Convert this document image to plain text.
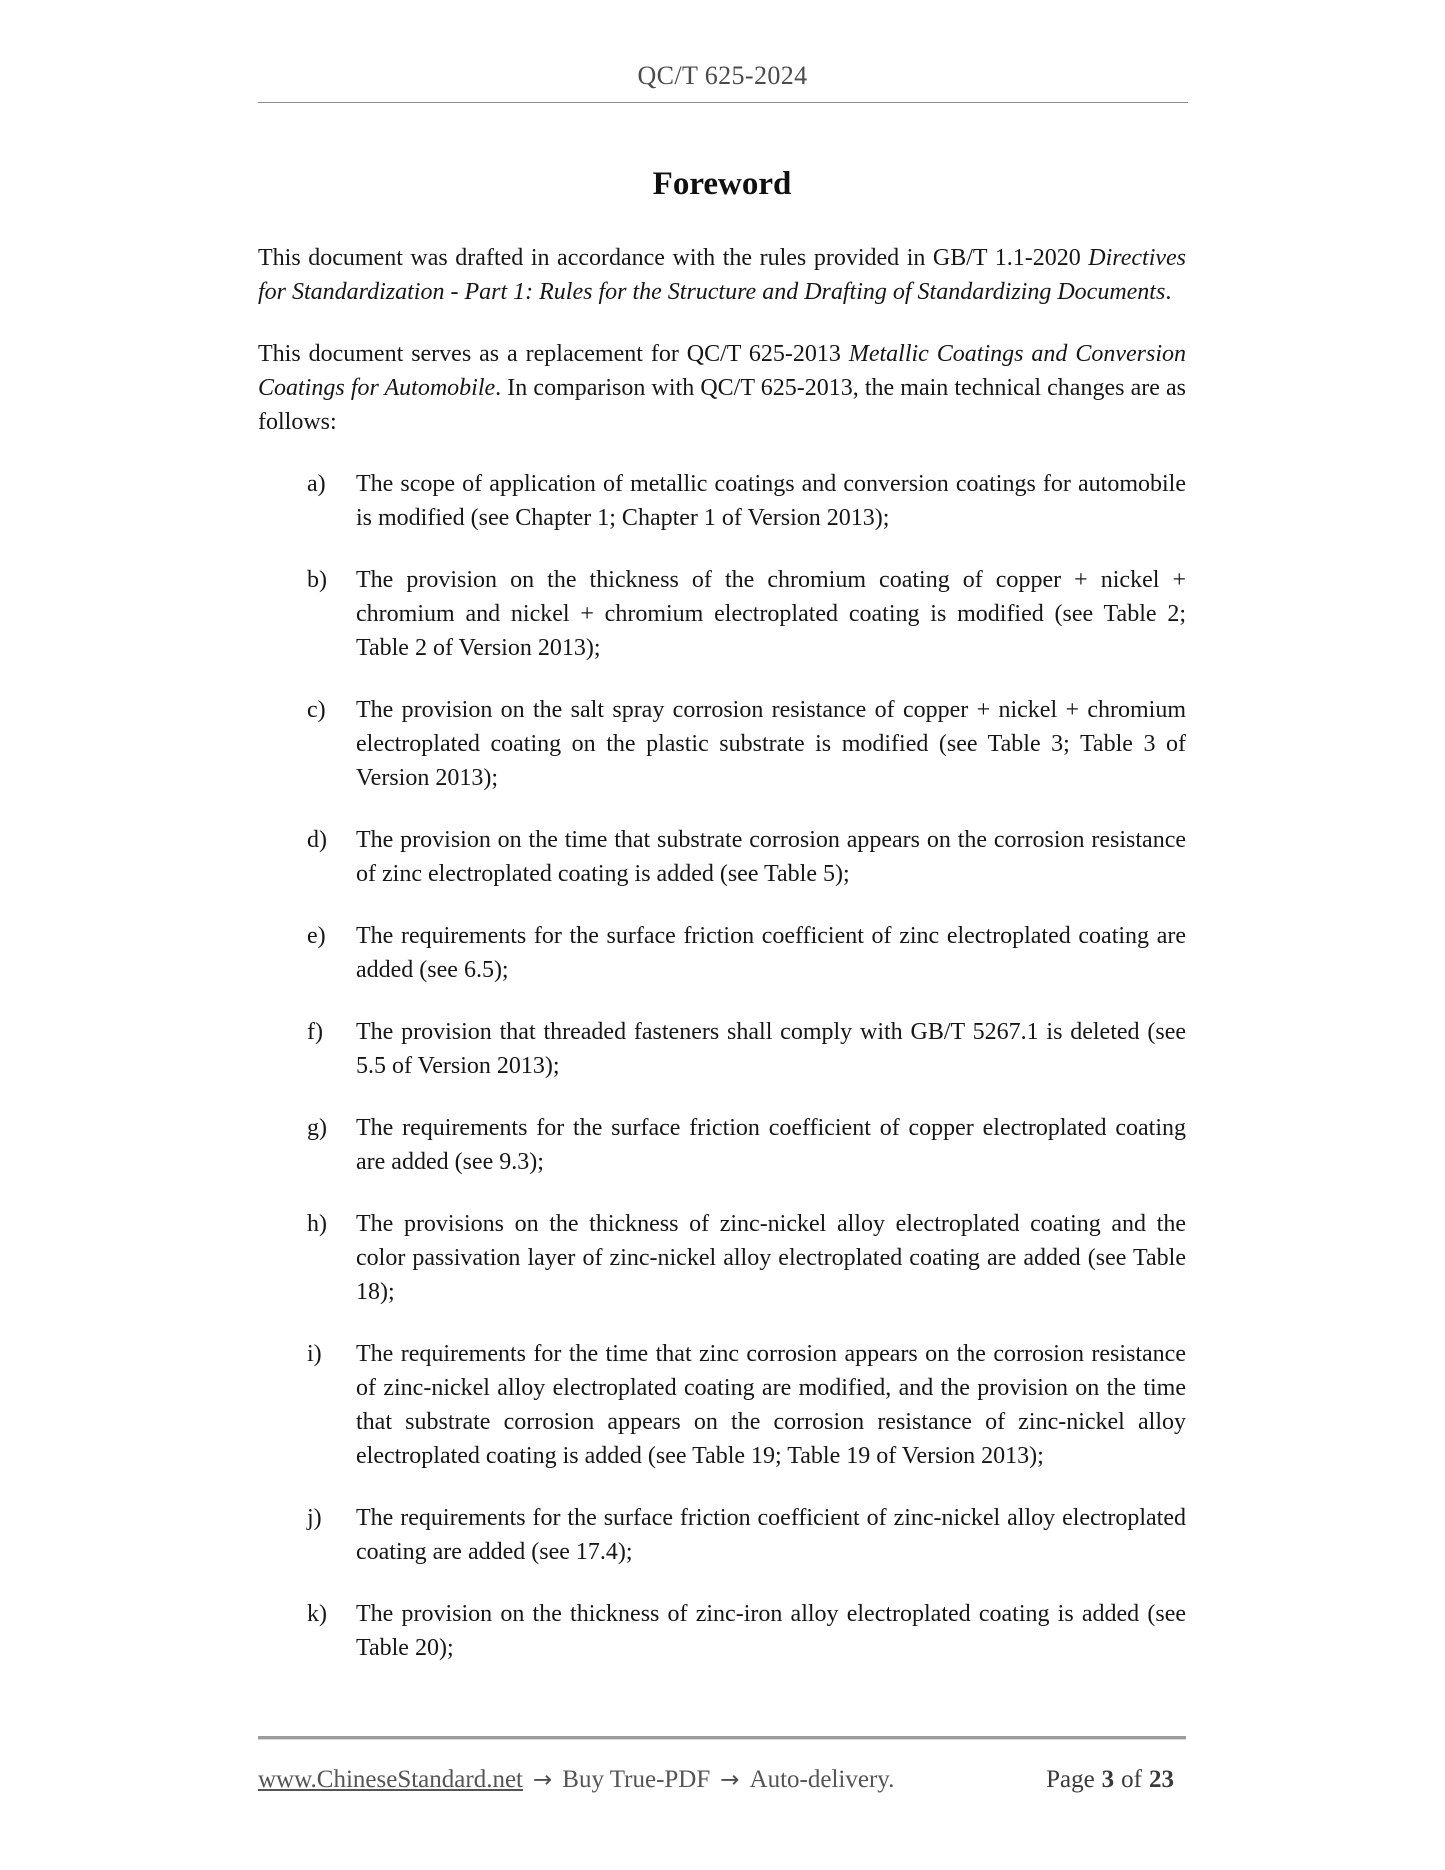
QC/T 625-2024
Foreword
This document was drafted in accordance with the rules provided in GB/T 1.1-2020 Directives for Standardization - Part 1: Rules for the Structure and Drafting of Standardizing Documents.
This document serves as a replacement for QC/T 625-2013 Metallic Coatings and Conversion Coatings for Automobile. In comparison with QC/T 625-2013, the main technical changes are as follows:
a) The scope of application of metallic coatings and conversion coatings for automobile is modified (see Chapter 1; Chapter 1 of Version 2013);
b) The provision on the thickness of the chromium coating of copper + nickel + chromium and nickel + chromium electroplated coating is modified (see Table 2; Table 2 of Version 2013);
c) The provision on the salt spray corrosion resistance of copper + nickel + chromium electroplated coating on the plastic substrate is modified (see Table 3; Table 3 of Version 2013);
d) The provision on the time that substrate corrosion appears on the corrosion resistance of zinc electroplated coating is added (see Table 5);
e) The requirements for the surface friction coefficient of zinc electroplated coating are added (see 6.5);
f) The provision that threaded fasteners shall comply with GB/T 5267.1 is deleted (see 5.5 of Version 2013);
g) The requirements for the surface friction coefficient of copper electroplated coating are added (see 9.3);
h) The provisions on the thickness of zinc-nickel alloy electroplated coating and the color passivation layer of zinc-nickel alloy electroplated coating are added (see Table 18);
i) The requirements for the time that zinc corrosion appears on the corrosion resistance of zinc-nickel alloy electroplated coating are modified, and the provision on the time that substrate corrosion appears on the corrosion resistance of zinc-nickel alloy electroplated coating is added (see Table 19; Table 19 of Version 2013);
j) The requirements for the surface friction coefficient of zinc-nickel alloy electroplated coating are added (see 17.4);
k) The provision on the thickness of zinc-iron alloy electroplated coating is added (see Table 20);
www.ChineseStandard.net → Buy True-PDF → Auto-delivery.	Page 3 of 23
